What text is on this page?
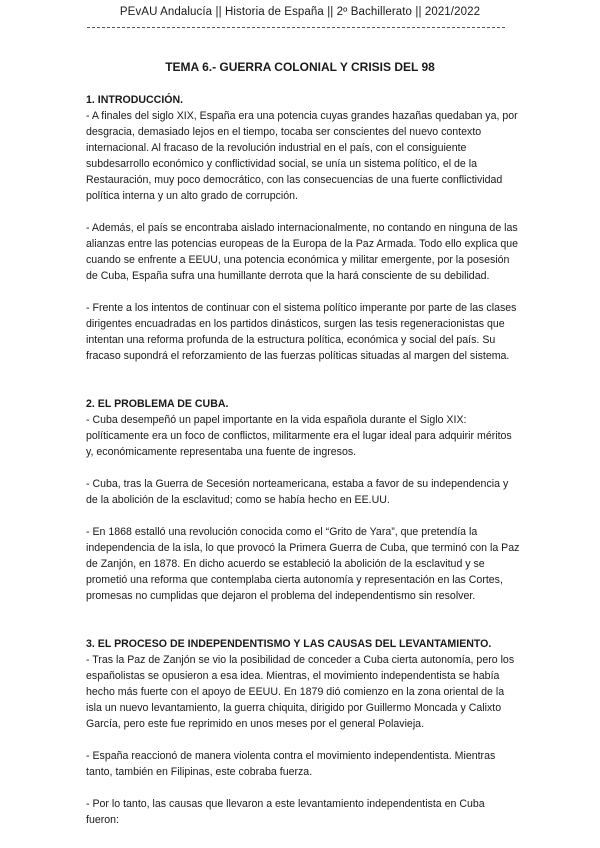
PEvAU Andalucía || Historia de España || 2º Bachillerato || 2021/2022
TEMA 6.- GUERRA COLONIAL Y CRISIS DEL 98
1. INTRODUCCIÓN.

- A finales del siglo XIX, España era una potencia cuyas grandes hazañas quedaban ya, por desgracia, demasiado lejos en el tiempo, tocaba ser conscientes del nuevo contexto internacional. Al fracaso de la revolución industrial en el país, con el consiguiente subdesarrollo económico y conflictividad social, se unía un sistema político, el de la Restauración, muy poco democrático, con las consecuencias de una fuerte conflictividad política interna y un alto grado de corrupción.

- Además, el país se encontraba aislado internacionalmente, no contando en ninguna de las alianzas entre las potencias europeas de la Europa de la Paz Armada. Todo ello explica que cuando se enfrente a EEUU, una potencia económica y militar emergente, por la posesión de Cuba, España sufra una humillante derrota que la hará consciente de su debilidad.

- Frente a los intentos de continuar con el sistema político imperante por parte de las clases dirigentes encuadradas en los partidos dinásticos, surgen las tesis regeneracionistas que intentan una reforma profunda de la estructura política, económica y social del país. Su fracaso supondrá el reforzamiento de las fuerzas políticas situadas al margen del sistema.

2. EL PROBLEMA DE CUBA.

- Cuba desempeñó un papel importante en la vida española durante el Siglo XIX: políticamente era un foco de conflictos, militarmente era el lugar ideal para adquirir méritos y, económicamente representaba una fuente de ingresos.

- Cuba, tras la Guerra de Secesión norteamericana, estaba a favor de su independencia y de la abolición de la esclavitud; como se había hecho en EE.UU.

- En 1868 estalló una revolución conocida como el “Grito de Yara”, que pretendía la independencia de la isla, lo que provocó la Primera Guerra de Cuba, que terminó con la Paz de Zanjón, en 1878. En dicho acuerdo se estableció la abolición de la esclavitud y se prometió una reforma que contemplaba cierta autonomía y representación en las Cortes, promesas no cumplidas que dejaron el problema del independentismo sin resolver.

3. EL PROCESO DE INDEPENDENTISMO Y LAS CAUSAS DEL LEVANTAMIENTO.

- Tras la Paz de Zanjón se vio la posibilidad de conceder a Cuba cierta autonomía, pero los españolistas se opusieron a esa idea. Mientras, el movimiento independentista se había hecho más fuerte con el apoyo de EEUU. En 1879 dió comienzo en la zona oriental de la isla un nuevo levantamiento, la guerra chiquita, dirigido por Guillermo Moncada y Calixto García, pero este fue reprimido en unos meses por el general Polavieja.

- España reaccionó de manera violenta contra el movimiento independentista. Mientras tanto, también en Filipinas, este cobraba fuerza.

- Por lo tanto, las causas que llevaron a este levantamiento independentista en Cuba fueron:
